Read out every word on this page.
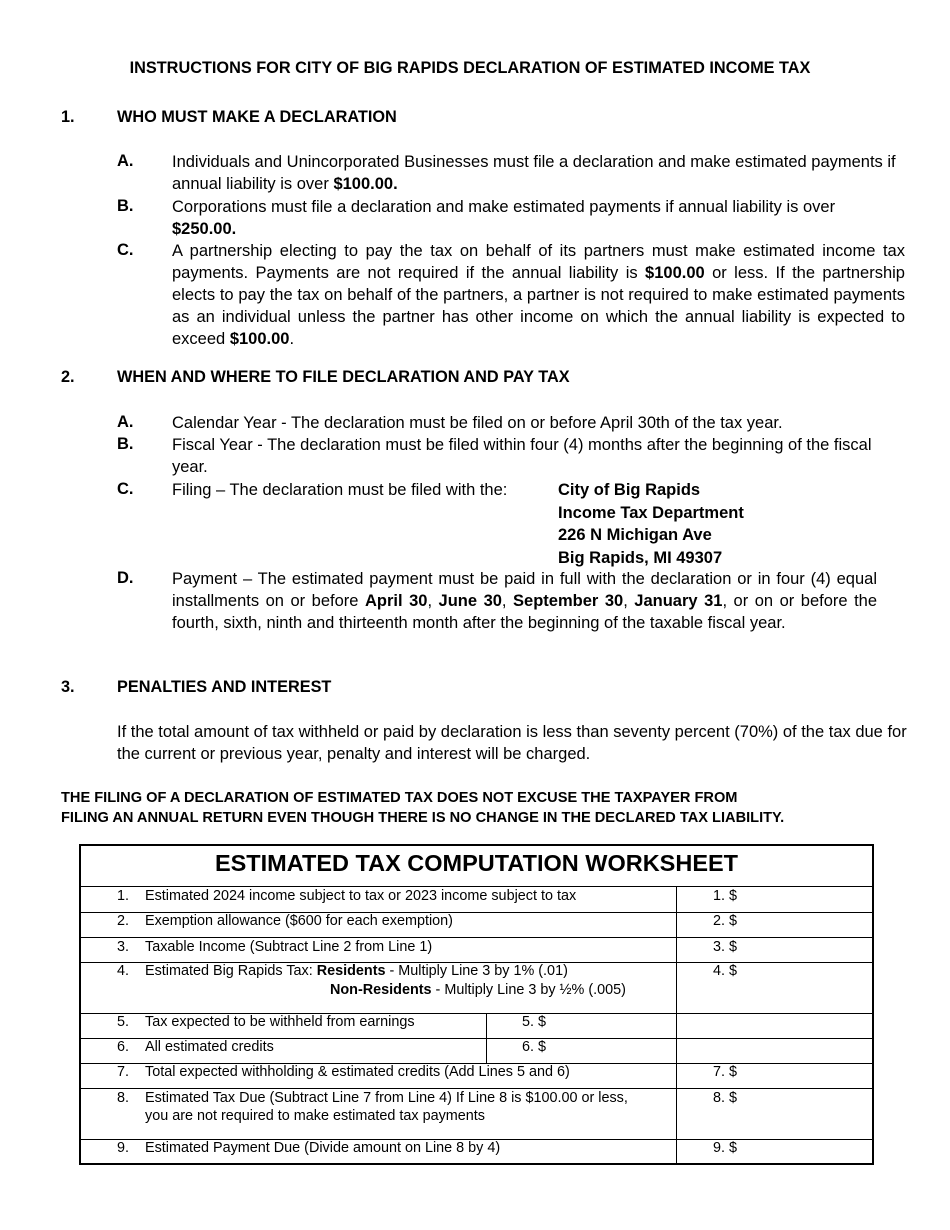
INSTRUCTIONS FOR CITY OF BIG RAPIDS DECLARATION OF ESTIMATED INCOME TAX
1.	WHO MUST MAKE A DECLARATION
A. Individuals and Unincorporated Businesses must file a declaration and make estimated payments if annual liability is over $100.00.
B. Corporations must file a declaration and make estimated payments if annual liability is over $250.00.
C. A partnership electing to pay the tax on behalf of its partners must make estimated income tax payments. Payments are not required if the annual liability is $100.00 or less. If the partnership elects to pay the tax on behalf of the partners, a partner is not required to make estimated payments as an individual unless the partner has other income on which the annual liability is expected to exceed $100.00.
2.	WHEN AND WHERE TO FILE DECLARATION AND PAY TAX
A. Calendar Year - The declaration must be filed on or before April 30th of the tax year.
B. Fiscal Year - The declaration must be filed within four (4) months after the beginning of the fiscal year.
C. Filing – The declaration must be filed with the:	City of Big Rapids
Income Tax Department
226 N Michigan Ave
Big Rapids, MI 49307
D. Payment – The estimated payment must be paid in full with the declaration or in four (4) equal installments on or before April 30, June 30, September 30, January 31, or on or before the fourth, sixth, ninth and thirteenth month after the beginning of the taxable fiscal year.
3.	PENALTIES AND INTEREST
If the total amount of tax withheld or paid by declaration is less than seventy percent (70%) of the tax due for the current or previous year, penalty and interest will be charged.
THE FILING OF A DECLARATION OF ESTIMATED TAX DOES NOT EXCUSE THE TAXPAYER FROM
FILING AN ANNUAL RETURN EVEN THOUGH THERE IS NO CHANGE IN THE DECLARED TAX LIABILITY.
ESTIMATED TAX COMPUTATION WORKSHEET
1. Estimated 2024 income subject to tax or 2023 income subject to tax	1. $
2. Exemption allowance ($600 for each exemption)	2. $
3. Taxable Income (Subtract Line 2 from Line 1)	3. $
4. Estimated Big Rapids Tax: Residents - Multiply Line 3 by 1% (.01)
Non-Residents - Multiply Line 3 by ½% (.005)
4. $
5. Tax expected to be withheld from earnings	5. $
6. All estimated credits	6. $
7. Total expected withholding & estimated credits (Add Lines 5 and 6)	7. $
8. Estimated Tax Due (Subtract Line 7 from Line 4) If Line 8 is $100.00 or less,
you are not required to make estimated tax payments
8. $
9. Estimated Payment Due (Divide amount on Line 8 by 4)	9. $
